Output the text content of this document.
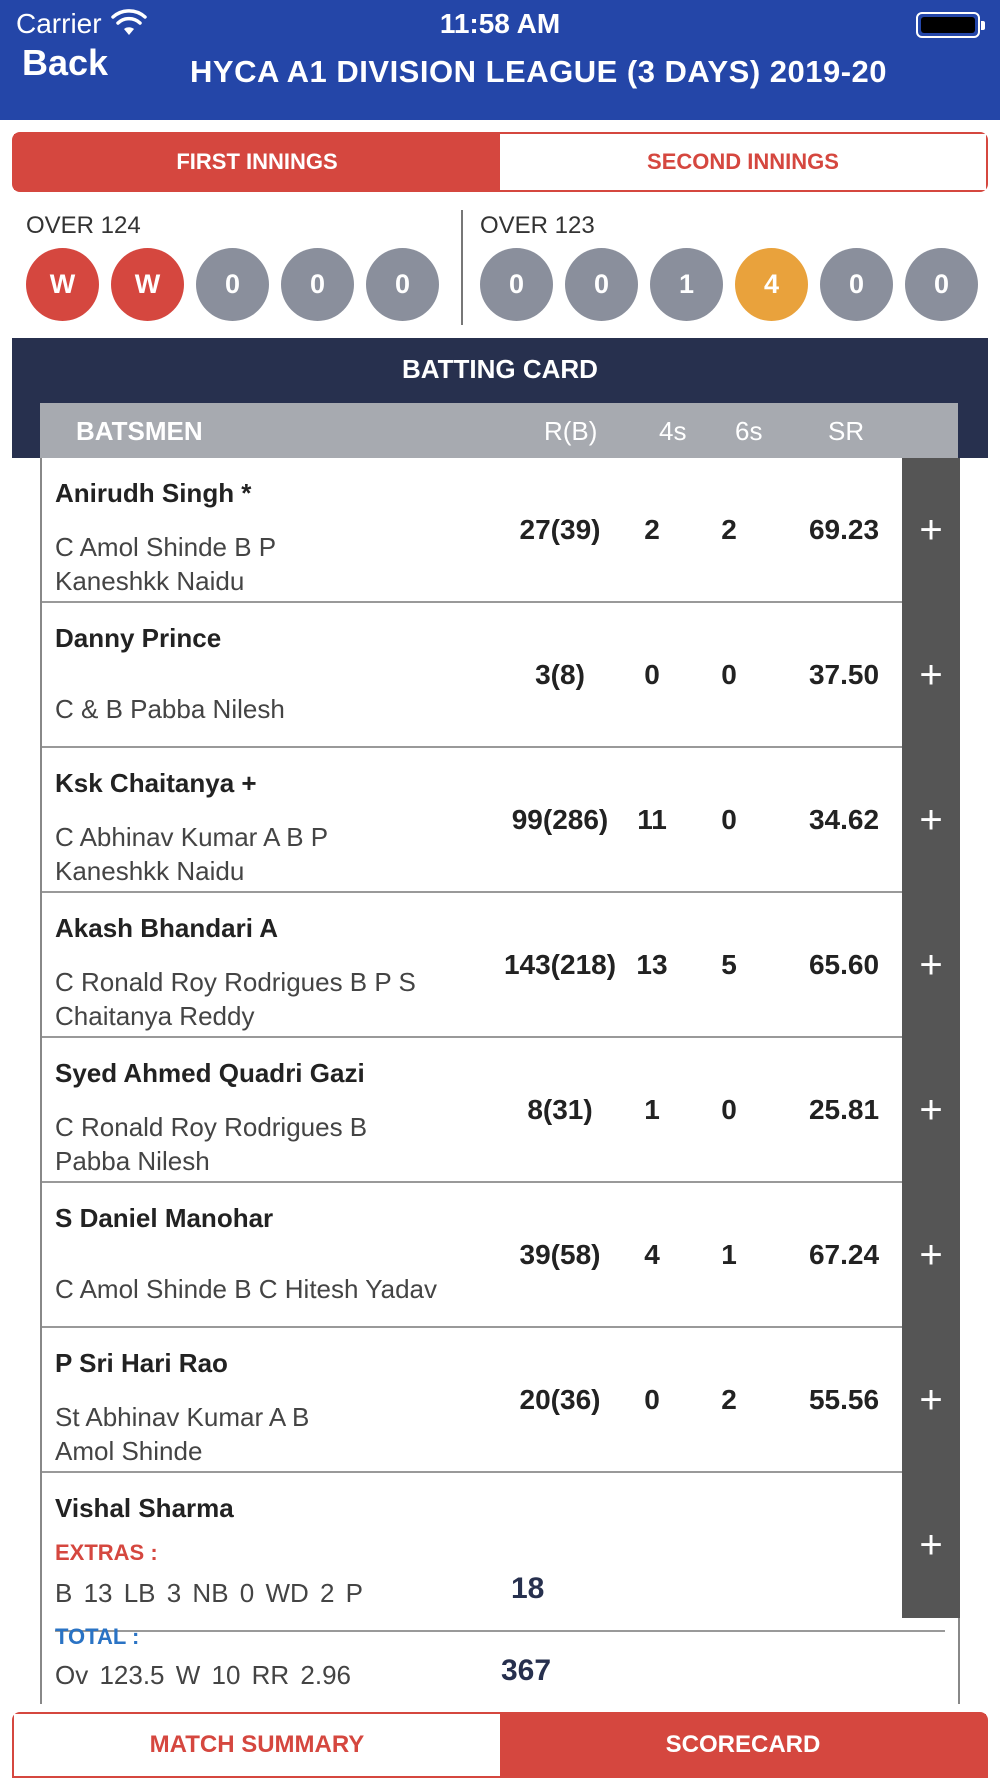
Carrier	11:58 AM
Back	HYCA A1 DIVISION LEAGUE (3 DAYS) 2019-20
FIRST INNINGS	SECOND INNINGS
OVER 124
W	W	0	0	0
OVER 123
0	0	1	4	0	0
BATTING CARD
BATSMEN	R(B) 4s 6s	SR
Anirudh Singh *
C Amol Shinde B P
Kaneshkk Naidu
27(39)	2	2	69.23	+
Danny Prince
C & B Pabba Nilesh
3(8)	0	0	37.50	+
Ksk Chaitanya +
C Abhinav Kumar A B P
Kaneshkk Naidu
99(286)	11	0	34.62	+
Akash Bhandari A
C Ronald Roy Rodrigues B P S
Chaitanya Reddy
143(218) 13	5	65.60	+
Syed Ahmed Quadri Gazi
C Ronald Roy Rodrigues B
Pabba Nilesh
8(31)	1	0	25.81	+
S Daniel Manohar
C Amol Shinde B C Hitesh Yadav
39(58)	4	1	67.24	+
P Sri Hari Rao
St Abhinav Kumar A B
Amol Shinde
20(36)	0	2	55.56	+
Vishal Sharma
+
EXTRAS :
B 13 LB 3 NB 0 WD 2 P	18
TOTAL :
Ov 123.5 W 10 RR 2.96	367
MATCH SUMMARY	SCORECARD
